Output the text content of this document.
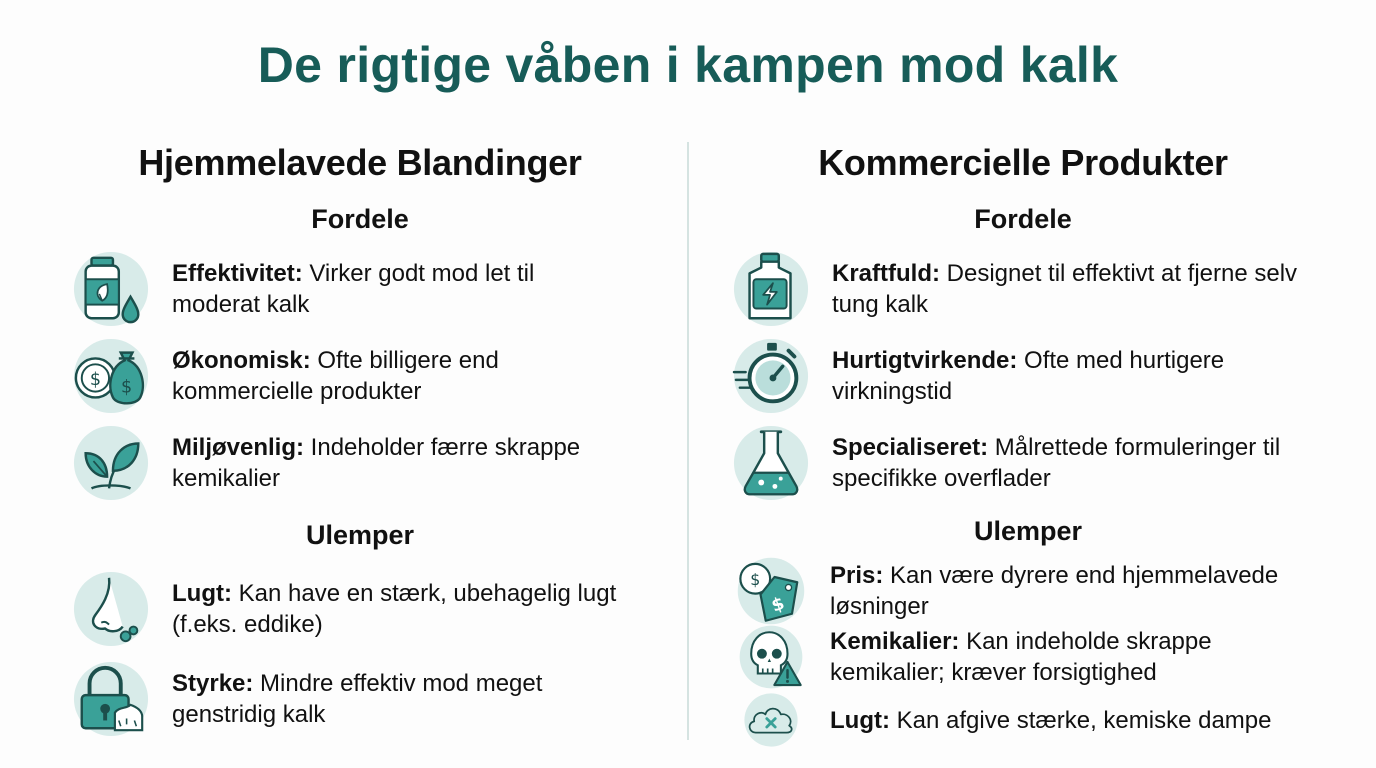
De rigtige våben i kampen mod kalk
Hjemmelavede Blandinger
Fordele
Effektivitet: Virker godt mod let til moderat kalk
Økonomisk: Ofte billigere end kommercielle produkter
Miljøvenlig: Indeholder færre skrappe kemikalier
Ulemper
Lugt: Kan have en stærk, ubehagelig lugt (f.eks. eddike)
Styrke: Mindre effektiv mod meget genstridig kalk
Kommercielle Produkter
Fordele
Kraftfuld: Designet til effektivt at fjerne selv tung kalk
Hurtigtvirkende: Ofte med hurtigere virkningstid
Specialiseret: Målrettede formuleringer til specifikke overflader
Ulemper
Pris: Kan være dyrere end hjemmelavede løsninger
Kemikalier: Kan indeholde skrappe kemikalier; kræver forsigtighed
Lugt: Kan afgive stærke, kemiske dampe
